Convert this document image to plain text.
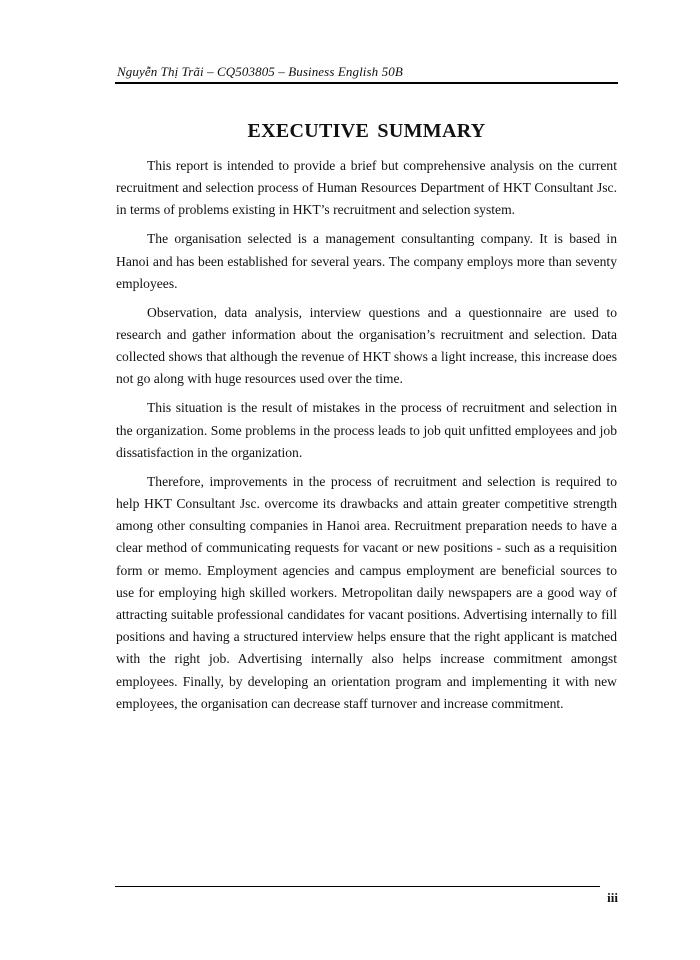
Nguyễn Thị Trãi – CQ503805 – Business English 50B
EXECUTIVE SUMMARY

This report is intended to provide a brief but comprehensive analysis on the current recruitment and selection process of Human Resources Department of HKT Consultant Jsc. in terms of problems existing in HKT’s recruitment and selection system.

The organisation selected is a management consultanting company. It is based in Hanoi and has been established for several years. The company employs more than seventy employees.

Observation, data analysis, interview questions and a questionnaire are used to research and gather information about the organisation’s recruitment and selection. Data collected shows that although the revenue of HKT shows a light increase, this increase does not go along with huge resources used over the time.

This situation is the result of mistakes in the process of recruitment and selection in the organization. Some problems in the process leads to job quit unfitted employees and job dissatisfaction in the organization.

Therefore, improvements in the process of recruitment and selection is required to help HKT Consultant Jsc. overcome its drawbacks and attain greater competitive strength among other consulting companies in Hanoi area. Recruitment preparation needs to have a clear method of communicating requests for vacant or new positions - such as a requisition form or memo. Employment agencies and campus employment are beneficial sources to use for employing high skilled workers. Metropolitan daily newspapers are a good way of attracting suitable professional candidates for vacant positions. Advertising internally to fill positions and having a structured interview helps ensure that the right applicant is matched with the right job. Advertising internally also helps increase commitment amongst employees. Finally, by developing an orientation program and implementing it with new employees, the organisation can decrease staff turnover and increase commitment.

iii
